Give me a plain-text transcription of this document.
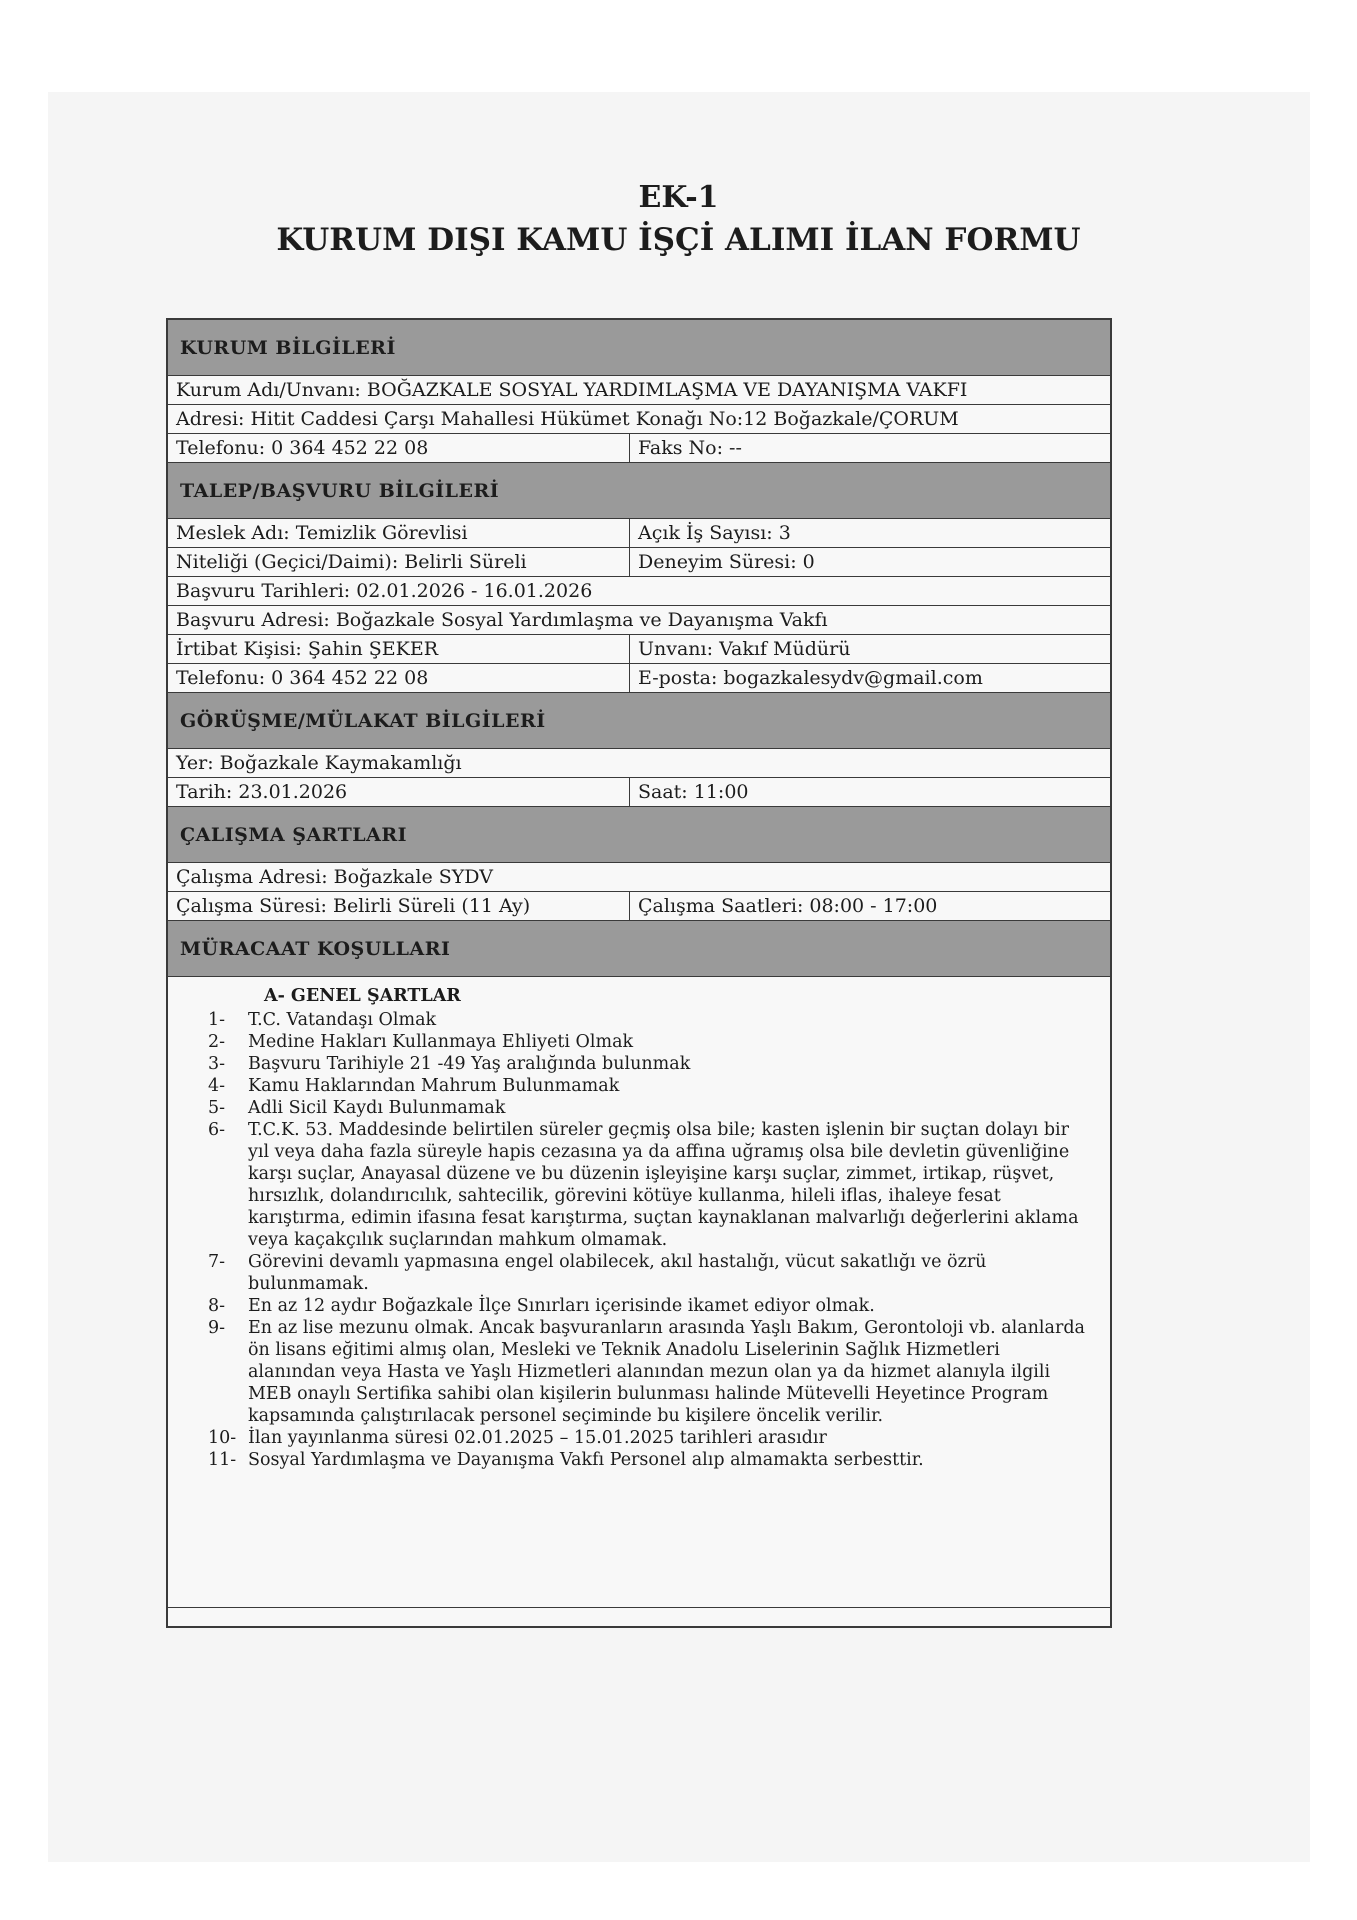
EK-1
KURUM DIŞI KAMU İŞÇİ ALIMI İLAN FORMU
KURUM BİLGİLERİ
Kurum Adı/Unvanı: BOĞAZKALE SOSYAL YARDIMLAŞMA VE DAYANIŞMA VAKFI
Adresi: Hitit Caddesi Çarşı Mahallesi Hükümet Konağı No:12 Boğazkale/ÇORUM
Telefonu: 0 364 452 22 08	Faks No: --
TALEP/BAŞVURU BİLGİLERİ
Meslek Adı: Temizlik Görevlisi	Açık İş Sayısı: 3
Niteliği (Geçici/Daimi): Belirli Süreli	Deneyim Süresi: 0
Başvuru Tarihleri: 02.01.2026 - 16.01.2026
Başvuru Adresi: Boğazkale Sosyal Yardımlaşma ve Dayanışma Vakfı
İrtibat Kişisi: Şahin ŞEKER	Unvanı: Vakıf Müdürü
Telefonu: 0 364 452 22 08	E-posta: bogazkalesydv@gmail.com
GÖRÜŞME/MÜLAKAT BİLGİLERİ
Yer: Boğazkale Kaymakamlığı
Tarih: 23.01.2026	Saat: 11:00
ÇALIŞMA ŞARTLARI
Çalışma Adresi: Boğazkale SYDV
Çalışma Süresi: Belirli Süreli (11 Ay)	Çalışma Saatleri: 08:00 - 17:00
MÜRACAAT KOŞULLARI
A- GENEL ŞARTLAR
1-	T.C. Vatandaşı Olmak
2-	Medine Hakları Kullanmaya Ehliyeti Olmak
3-	Başvuru Tarihiyle 21 -49 Yaş aralığında bulunmak
4-	Kamu Haklarından Mahrum Bulunmamak
5-	Adli Sicil Kaydı Bulunmamak
6-	T.C.K. 53. Maddesinde belirtilen süreler geçmiş olsa bile; kasten işlenin bir suçtan dolayı bir yıl veya daha fazla süreyle hapis cezasına ya da affına uğramış olsa bile devletin güvenliğine karşı suçlar, Anayasal düzene ve bu düzenin işleyişine karşı suçlar, zimmet, irtikap, rüşvet, hırsızlık, dolandırıcılık, sahtecilik, görevini kötüye kullanma, hileli iflas, ihaleye fesat karıştırma, edimin ifasına fesat karıştırma, suçtan kaynaklanan malvarlığı değerlerini aklama veya kaçakçılık suçlarından mahkum olmamak.
7-	Görevini devamlı yapmasına engel olabilecek, akıl hastalığı, vücut sakatlığı ve özrü bulunmamak.
8-	En az 12 aydır Boğazkale İlçe Sınırları içerisinde ikamet ediyor olmak.
9-	En az lise mezunu olmak. Ancak başvuranların arasında Yaşlı Bakım, Gerontoloji vb. alanlarda ön lisans eğitimi almış olan, Mesleki ve Teknik Anadolu Liselerinin Sağlık Hizmetleri alanından veya Hasta ve Yaşlı Hizmetleri alanından mezun olan ya da hizmet alanıyla ilgili MEB onaylı Sertifika sahibi olan kişilerin bulunması halinde Mütevelli Heyetince Program kapsamında çalıştırılacak personel seçiminde bu kişilere öncelik verilir.
10- İlan yayınlanma süresi 02.01.2025 – 15.01.2025 tarihleri arasıdır
11- Sosyal Yardımlaşma ve Dayanışma Vakfı Personel alıp almamakta serbesttir.
